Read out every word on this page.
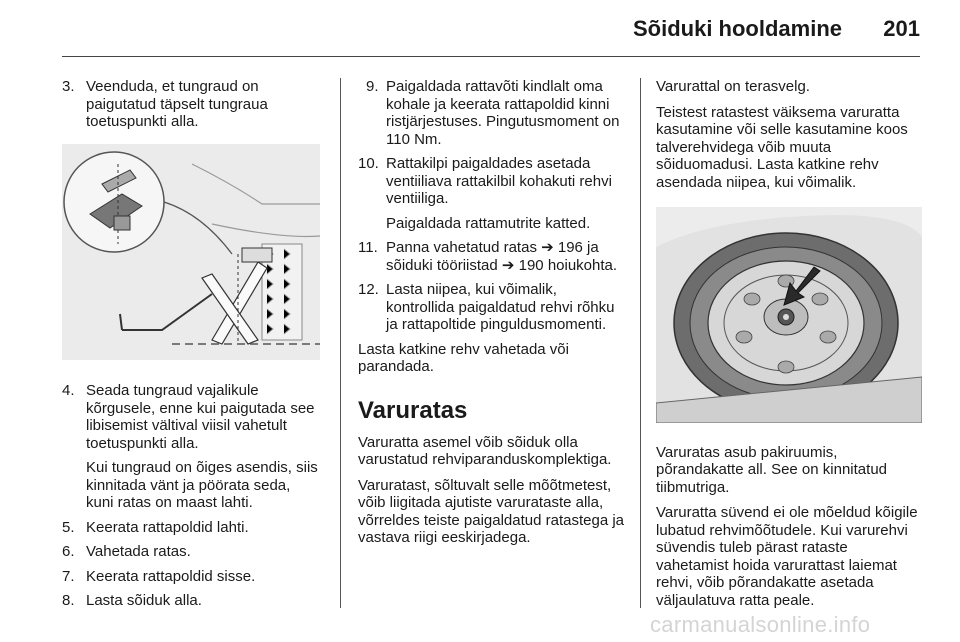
Sõiduki hooldamine 201
3. Veenduda, et tungraud on paigutatud täpselt tungraua toetuspunkti alla.
4. Seada tungraud vajalikule kõrgusele, enne kui paigutada see libisemist vältival viisil vahetult toetuspunkti alla.
Kui tungraud on õiges asendis, siis kinnitada vänt ja pöörata seda, kuni ratas on maast lahti.
5. Keerata rattapoldid lahti.
6. Vahetada ratas.
7. Keerata rattapoldid sisse.
8. Lasta sõiduk alla.
9. Paigaldada rattavõti kindlalt oma kohale ja keerata rattapoldid kinni ristjärjestuses. Pingutusmoment on 110 Nm.
10. Rattakilpi paigaldades asetada ventiiliava rattakilbil kohakuti rehvi ventiiliga.
Paigaldada rattamutrite katted.
11. Panna vahetatud ratas ➔ 196 ja sõiduki tööriistad ➔ 190 hoiukohta.
12. Lasta niipea, kui võimalik, kontrollida paigaldatud rehvi rõhku ja rattapoltide pinguldusmomenti.

Lasta katkine rehv vahetada või parandada.

Varuratas

Varuratta asemel võib sõiduk olla varustatud rehviparanduskomplektiga.

Varuratast, sõltuvalt selle mõõtmetest, võib liigitada ajutiste varurataste alla, võrreldes teiste paigaldatud ratastega ja vastava riigi eeskirjadega.

Varurattal on terasvelg.

Teistest ratastest väiksema varuratta kasutamine või selle kasutamine koos talverehvidega võib muuta sõiduomadusi. Lasta katkine rehv asendada niipea, kui võimalik.

Varuratas asub pakiruumis, põrandakatte all. See on kinnitatud tiibmutriga.

Varuratta süvend ei ole mõeldud kõigile lubatud rehvimõõtudele. Kui varurehvi süvendis tuleb pärast rataste vahetamist hoida varurattast laiemat rehvi, võib põrandakatte asetada väljaulatuva ratta peale.

carmanualsonline.info
